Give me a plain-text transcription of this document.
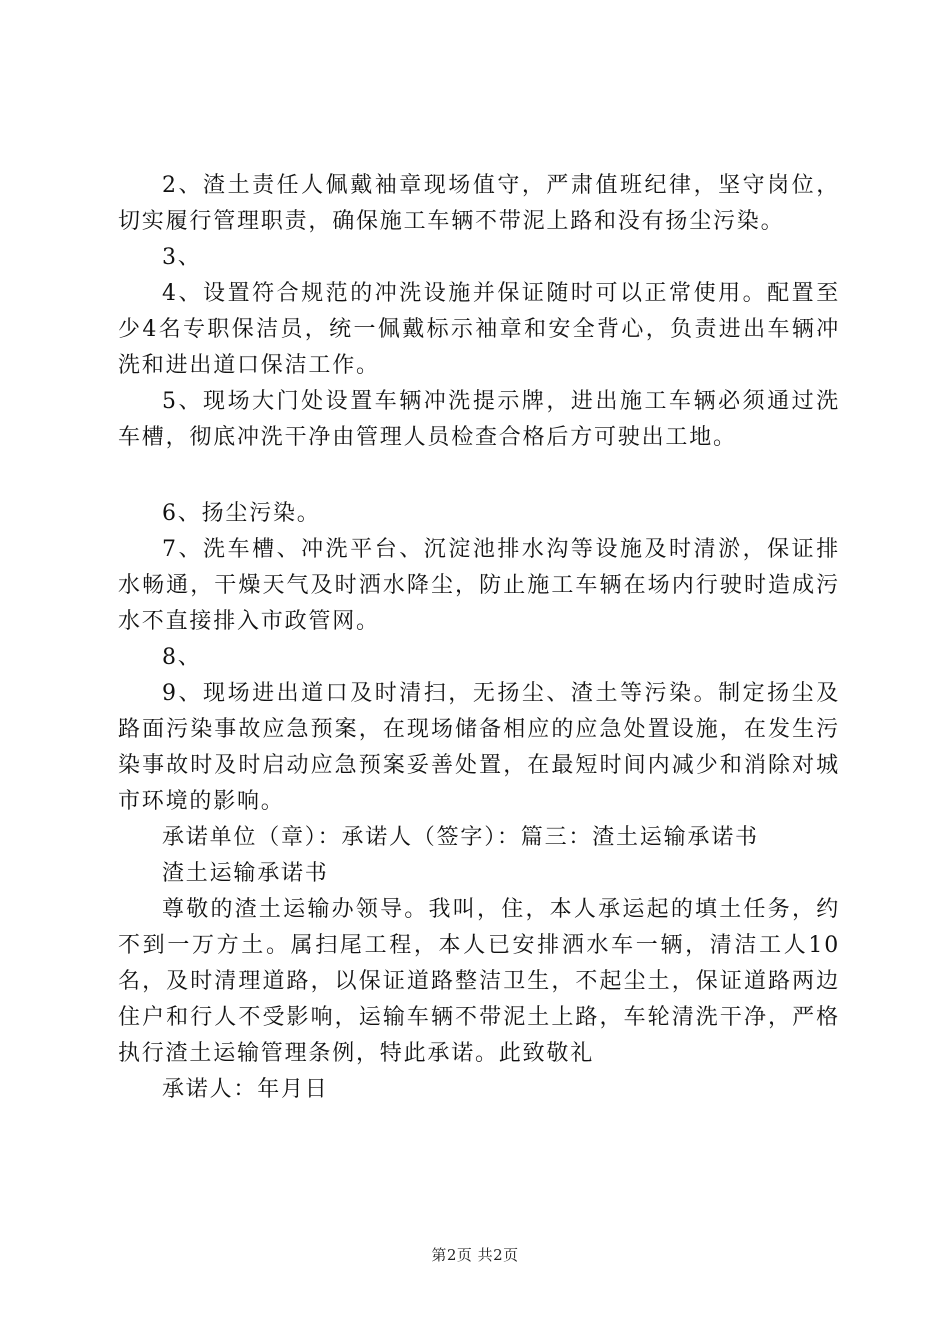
2、渣土责任人佩戴袖章现场值守，严肃值班纪律，坚守岗位，切实履行管理职责，确保施工车辆不带泥上路和没有扬尘污染。

3、

4、设置符合规范的冲洗设施并保证随时可以正常使用。配置至少4名专职保洁员，统一佩戴标示袖章和安全背心，负责进出车辆冲洗和进出道口保洁工作。

5、现场大门处设置车辆冲洗提示牌，进出施工车辆必须通过洗车槽，彻底冲洗干净由管理人员检查合格后方可驶出工地。

6、扬尘污染。

7、洗车槽、冲洗平台、沉淀池排水沟等设施及时清淤，保证排水畅通，干燥天气及时洒水降尘，防止施工车辆在场内行驶时造成污水不直接排入市政管网。

8、

9、现场进出道口及时清扫，无扬尘、渣土等污染。制定扬尘及路面污染事故应急预案，在现场储备相应的应急处置设施，在发生污染事故时及时启动应急预案妥善处置，在最短时间内减少和消除对城市环境的影响。

承诺单位（章）：承诺人（签字）：篇三：渣土运输承诺书

渣土运输承诺书

尊敬的渣土运输办领导。我叫，住，本人承运起的填土任务，约不到一万方土。属扫尾工程，本人已安排洒水车一辆，清洁工人10名，及时清理道路，以保证道路整洁卫生，不起尘土，保证道路两边住户和行人不受影响，运输车辆不带泥土上路，车轮清洗干净，严格执行渣土运输管理条例，特此承诺。此致敬礼

承诺人：年月日

第2页 共2页
